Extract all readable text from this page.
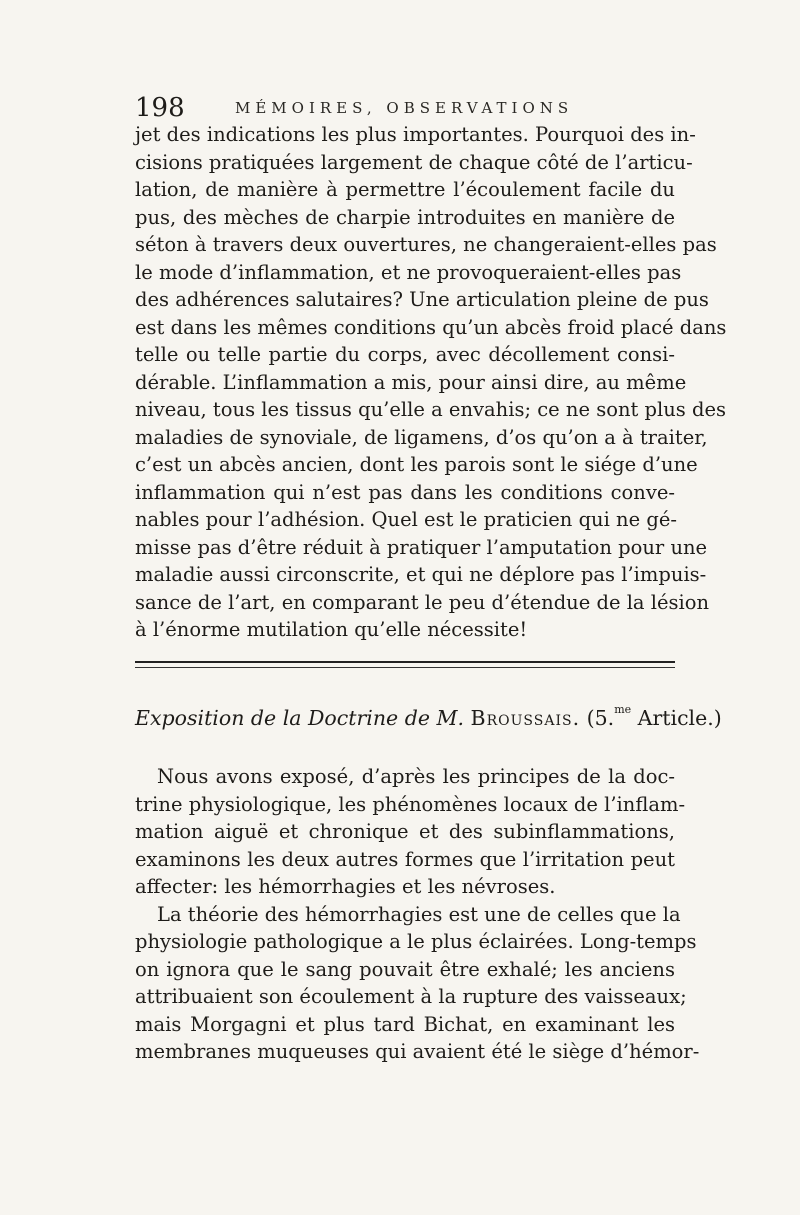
198	MÉMOIRES, OBSERVATIONS
jet des indications les plus importantes. Pourquoi des in-
cisions pratiquées largement de chaque côté de l’articu-
lation, de manière à permettre l’écoulement facile du
pus, des mèches de charpie introduites en manière de
séton à travers deux ouvertures, ne changeraient-elles pas
le mode d’inflammation, et ne provoqueraient-elles pas
des adhérences salutaires? Une articulation pleine de pus
est dans les mêmes conditions qu’un abcès froid placé dans
telle ou telle partie du corps, avec décollement consi-
dérable. L’inflammation a mis, pour ainsi dire, au même
niveau, tous les tissus qu’elle a envahis; ce ne sont plus des
maladies de synoviale, de ligamens, d’os qu’on a à traiter,
c’est un abcès ancien, dont les parois sont le siége d’une
inflammation qui n’est pas dans les conditions conve-
nables pour l’adhésion. Quel est le praticien qui ne gé-
misse pas d’être réduit à pratiquer l’amputation pour une
maladie aussi circonscrite, et qui ne déplore pas l’impuis-
sance de l’art, en comparant le peu d’étendue de la lésion
à l’énorme mutilation qu’elle nécessite!
Exposition de la Doctrine de M. Broussais. (5.$^{me}$ Article.)
Nous avons exposé, d’après les principes de la doc-
trine physiologique, les phénomènes locaux de l’inflam-
mation aiguë et chronique et des subinflammations,
examinons les deux autres formes que l’irritation peut
affecter: les hémorrhagies et les névroses.
La théorie des hémorrhagies est une de celles que la
physiologie pathologique a le plus éclairées. Long-temps
on ignora que le sang pouvait être exhalé; les anciens
attribuaient son écoulement à la rupture des vaisseaux;
mais Morgagni et plus tard Bichat, en examinant les
membranes muqueuses qui avaient été le siège d’hémor-
